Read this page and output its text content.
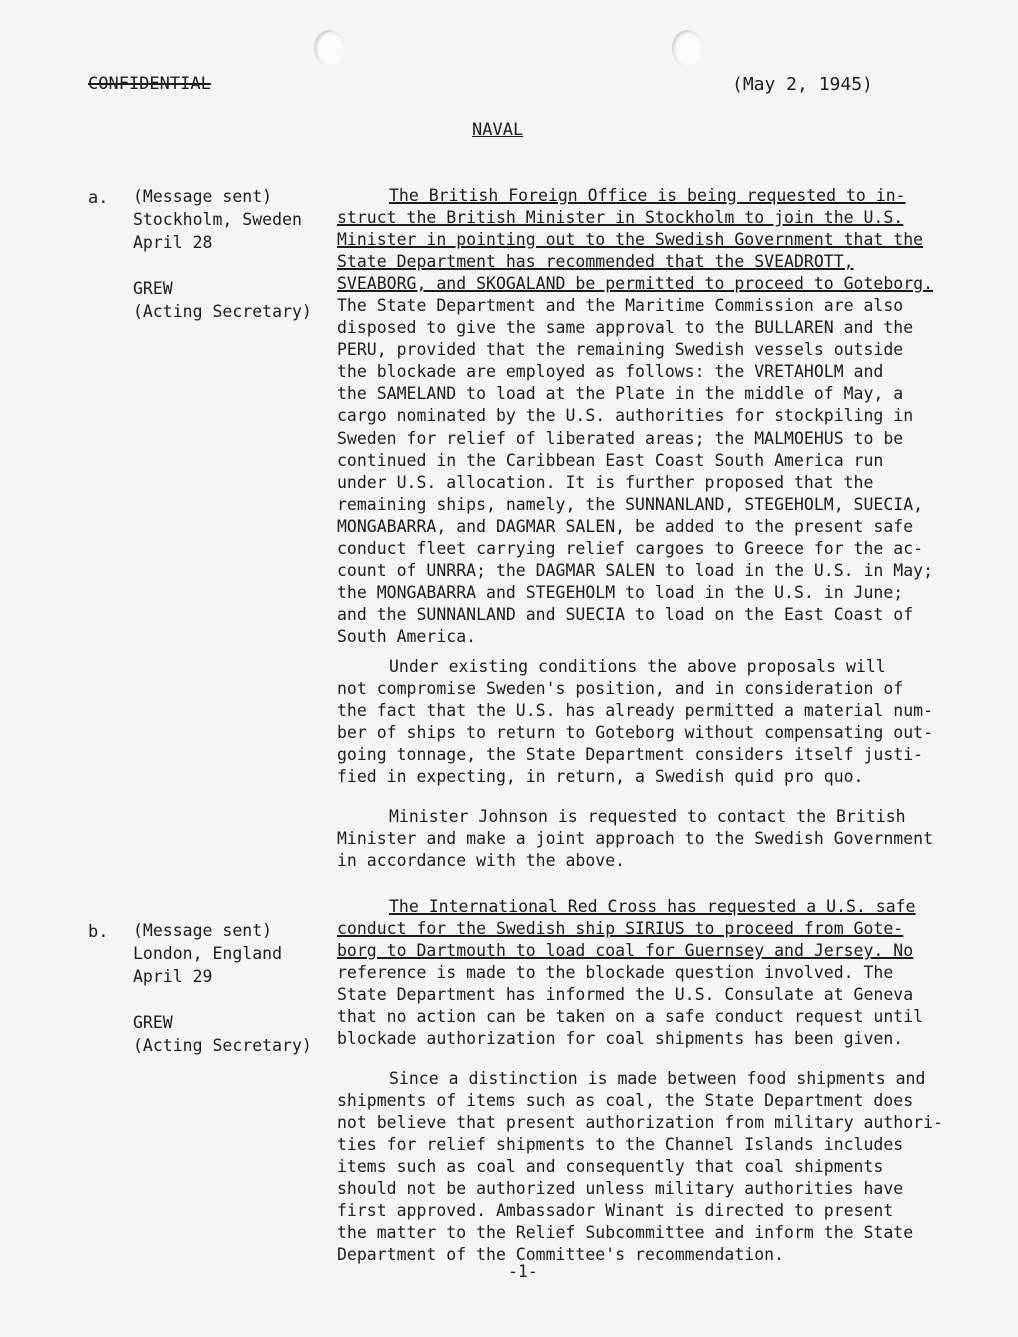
CONFIDENTIAL	(May 2, 1945)
NAVAL
a. (Message sent)
Stockholm, Sweden
April 28
GREW
(Acting Secretary)
The British Foreign Office is being requested to in-
struct the British Minister in Stockholm to join the U.S.
Minister in pointing out to the Swedish Government that the
State Department has recommended that the SVEADROTT,
SVEABORG, and SKOGALAND be permitted to proceed to Goteborg.
The State Department and the Maritime Commission are also
disposed to give the same approval to the BULLAREN and the
PERU, provided that the remaining Swedish vessels outside
the blockade are employed as follows: the VRETAHOLM and
the SAMELAND to load at the Plate in the middle of May, a
cargo nominated by the U.S. authorities for stockpiling in
Sweden for relief of liberated areas; the MALMOEHUS to be
continued in the Caribbean East Coast South America run
under U.S. allocation. It is further proposed that the
remaining ships, namely, the SUNNANLAND, STEGEHOLM, SUECIA,
MONGABARRA, and DAGMAR SALEN, be added to the present safe
conduct fleet carrying relief cargoes to Greece for the ac-
count of UNRRA; the DAGMAR SALEN to load in the U.S. in May;
the MONGABARRA and STEGEHOLM to load in the U.S. in June;
and the SUNNANLAND and SUECIA to load on the East Coast of
South America.
Under existing conditions the above proposals will
not compromise Sweden's position, and in consideration of
the fact that the U.S. has already permitted a material num-
ber of ships to return to Goteborg without compensating out-
going tonnage, the State Department considers itself justi-
fied in expecting, in return, a Swedish quid pro quo.
Minister Johnson is requested to contact the British
Minister and make a joint approach to the Swedish Government
in accordance with the above.
b. (Message sent)
London, England
April 29
GREW
(Acting Secretary)
The International Red Cross has requested a U.S. safe
conduct for the Swedish ship SIRIUS to proceed from Gote-
borg to Dartmouth to load coal for Guernsey and Jersey. No
reference is made to the blockade question involved. The
State Department has informed the U.S. Consulate at Geneva
that no action can be taken on a safe conduct request until
blockade authorization for coal shipments has been given.
Since a distinction is made between food shipments and
shipments of items such as coal, the State Department does
not believe that present authorization from military authori-
ties for relief shipments to the Channel Islands includes
items such as coal and consequently that coal shipments
should not be authorized unless military authorities have
first approved. Ambassador Winant is directed to present
the matter to the Relief Subcommittee and inform the State
Department of the Committee's recommendation.
-1-
